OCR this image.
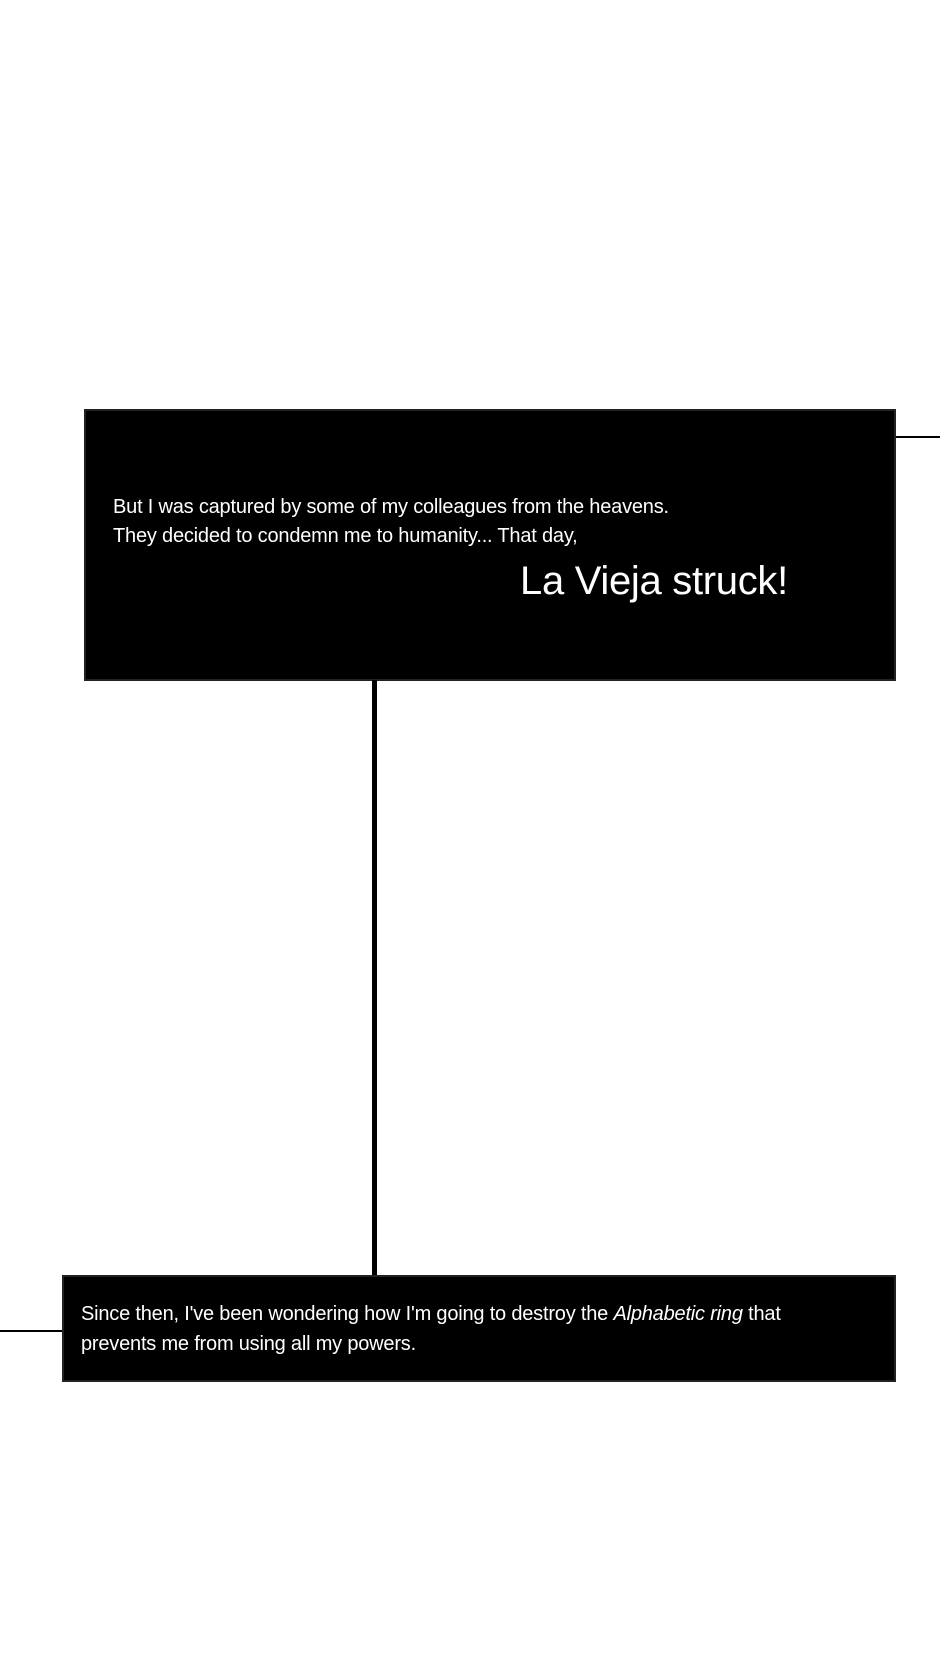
But I was captured by some of my colleagues from the heavens.
They decided to condemn me to humanity... That day,
La Vieja struck!
Since then, I've been wondering how I'm going to destroy the Alphabetic ring that
prevents me from using all my powers.
